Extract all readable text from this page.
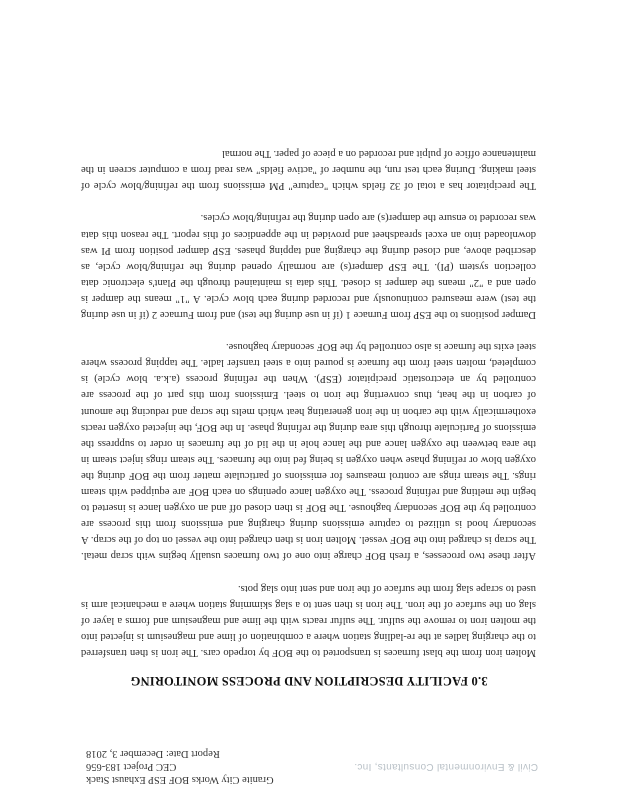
Civil & Environmental Consultants, Inc.
Granite City Works BOF ESP Exhaust Stack
CEC Project 183-656
Report Date: December 3, 2018
3.0 FACILITY DESCRIPTION AND PROCESS MONITORING

Molten iron from the blast furnaces is transported to the BOF by torpedo cars. The iron is then transferred to the charging ladles at the re-ladling station where a combination of lime and magnesium is injected into the molten iron to remove the sulfur. The sulfur reacts with the lime and magnesium and forms a layer of slag on the surface of the iron. The iron is then sent to a slag skimming station where a mechanical arm is used to scrape slag from the surface of the iron and sent into slag pots.

After these two processes, a fresh BOF charge into one of two furnaces usually begins with scrap metal. The scrap is charged into the BOF vessel. Molten iron is then charged into the vessel on top of the scrap. A secondary hood is utilized to capture emissions during charging and emissions from this process are controlled by the BOF secondary baghouse. The BOF is then closed off and an oxygen lance is inserted to begin the melting and refining process. The oxygen lance openings on each BOF are equipped with steam rings. The steam rings are control measures for emissions of particulate matter from the BOF during the oxygen blow or refining phase when oxygen is being fed into the furnaces. The steam rings inject steam in the area between the oxygen lance and the lance hole in the lid of the furnaces in order to suppress the emissions of Particulate through this area during the refining phase. In the BOF, the injected oxygen reacts exothermically with the carbon in the iron generating heat which melts the scrap and reducing the amount of carbon in the heat, thus converting the iron to steel. Emissions from this part of the process are controlled by an electrostatic precipitator (ESP). When the refining process (a.k.a. blow cycle) is completed, molten steel from the furnace is poured into a steel transfer ladle. The tapping process where steel exits the furnace is also controlled by the BOF secondary baghouse.

Damper positions to the ESP from Furnace 1 (if in use during the test) and from Furnace 2 (if in use during the test) were measured continuously and recorded during each blow cycle. A "1" means the damper is open and a "2" means the damper is closed. This data is maintained through the Plant's electronic data collection system (PI). The ESP damper(s) are normally opened during the refining/blow cycle, as described above, and closed during the charging and tapping phases. ESP damper position from PI was downloaded into an excel spreadsheet and provided in the appendices of this report. The reason this data was recorded to ensure the damper(s) are open during the refining/blow cycles.

The precipitator has a total of 32 fields which "capture" PM emissions from the refining/blow cycle of steel making. During each test run, the number of "active fields" was read from a computer screen in the maintenance office of pulpit and recorded on a piece of paper. The normal
